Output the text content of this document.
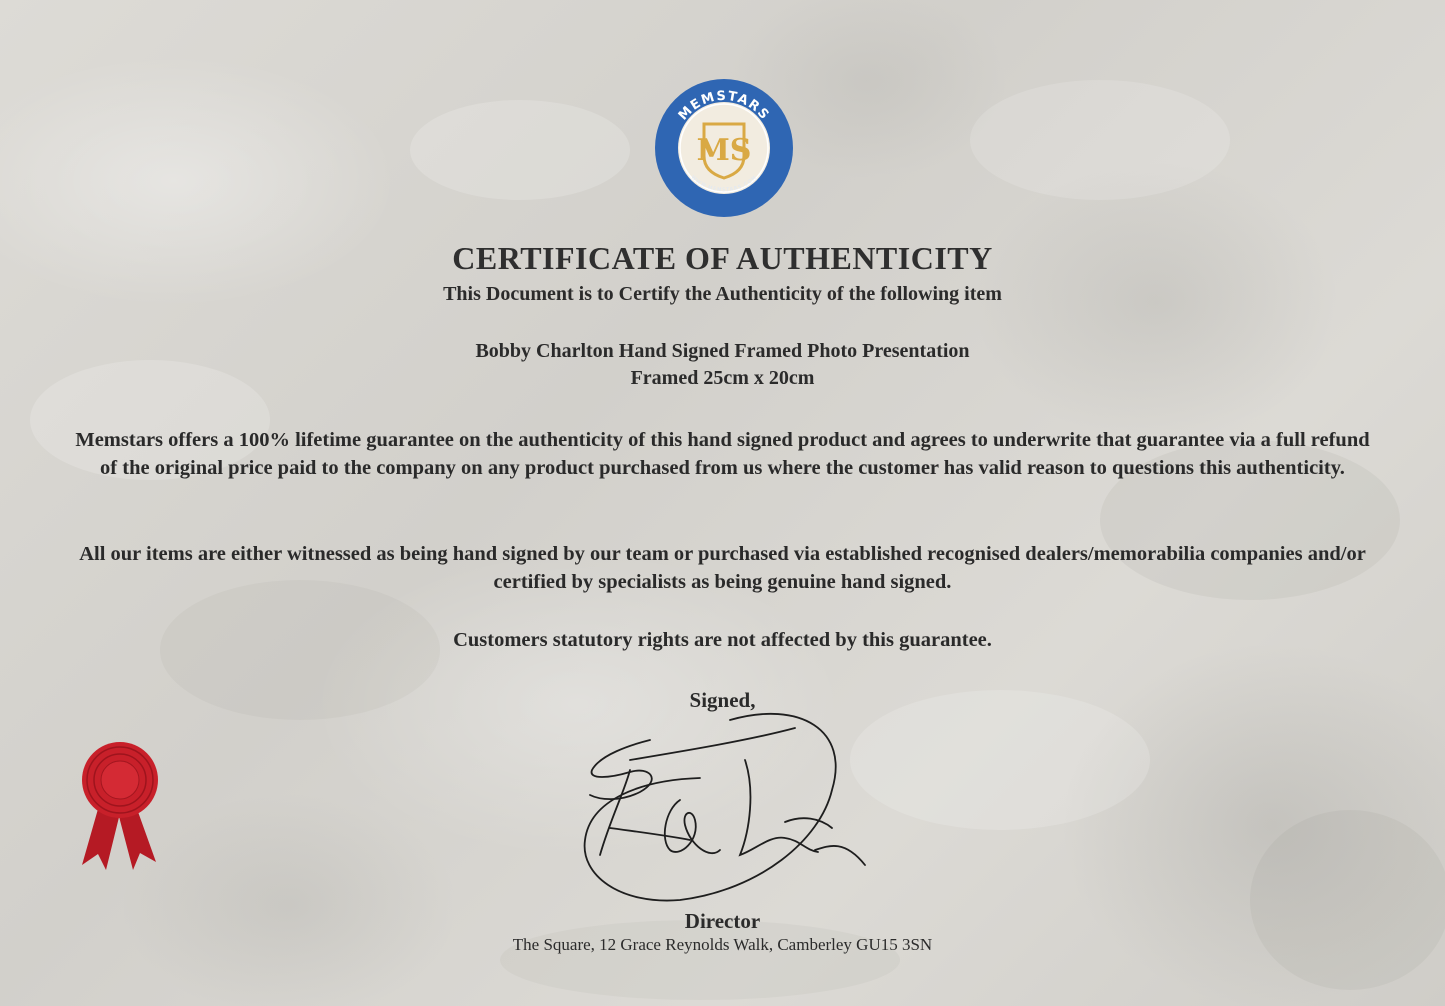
MEMSTARS
WWW.MEMSTARS.COM
MS
CERTIFICATE OF AUTHENTICITY
This Document is to Certify the Authenticity of the following item
Bobby Charlton Hand Signed Framed Photo Presentation
Framed 25cm x 20cm
Memstars offers a 100% lifetime guarantee on the authenticity of this hand signed product and agrees to underwrite that guarantee via a full refund of the original price paid to the company on any product purchased from us where the customer has valid reason to questions this authenticity.
All our items are either witnessed as being hand signed by our team or purchased via established recognised dealers/memorabilia companies and/or certified by specialists as being genuine hand signed.
Customers statutory rights are not affected by this guarantee.
Signed,
Director
The Square, 12 Grace Reynolds Walk, Camberley GU15 3SN
